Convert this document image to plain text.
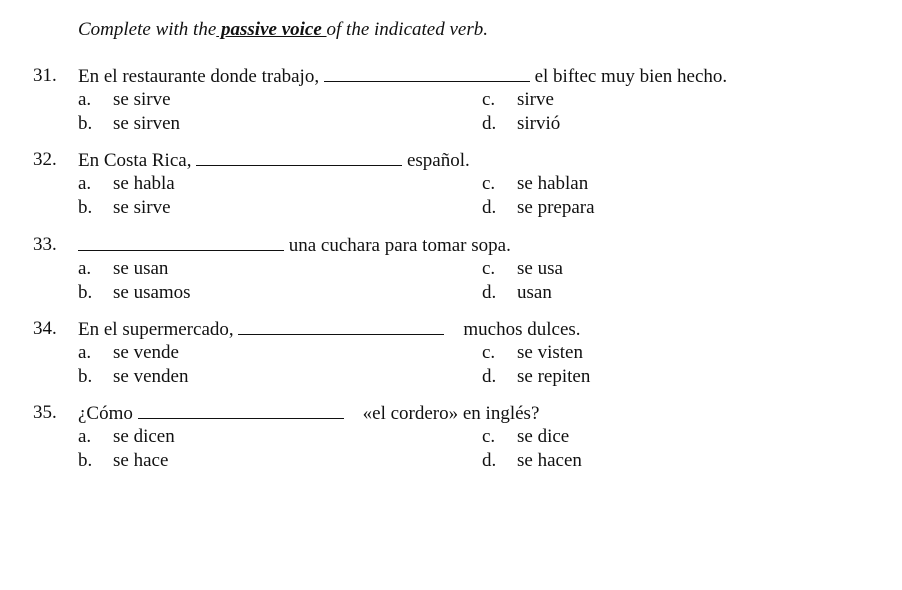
Complete with the passive voice of the indicated verb.
31. En el restaurante donde trabajo,	el biftec muy bien hecho.
a. se sirve	c. sirve
b. se sirven	d. sirvió
32. En Costa Rica,	español.
a. se habla	c. se hablan
b. se sirve	d. se prepara
33.	una cuchara para tomar sopa.
a. se usan	c. se usa
b. se usamos	d. usan
34. En el supermercado,	muchos dulces.
a. se vende	c. se visten
b. se venden	d. se repiten
35. ¿Cómo	«el cordero» en inglés?
a. se dicen	c. se dice
b. se hace	d. se hacen
